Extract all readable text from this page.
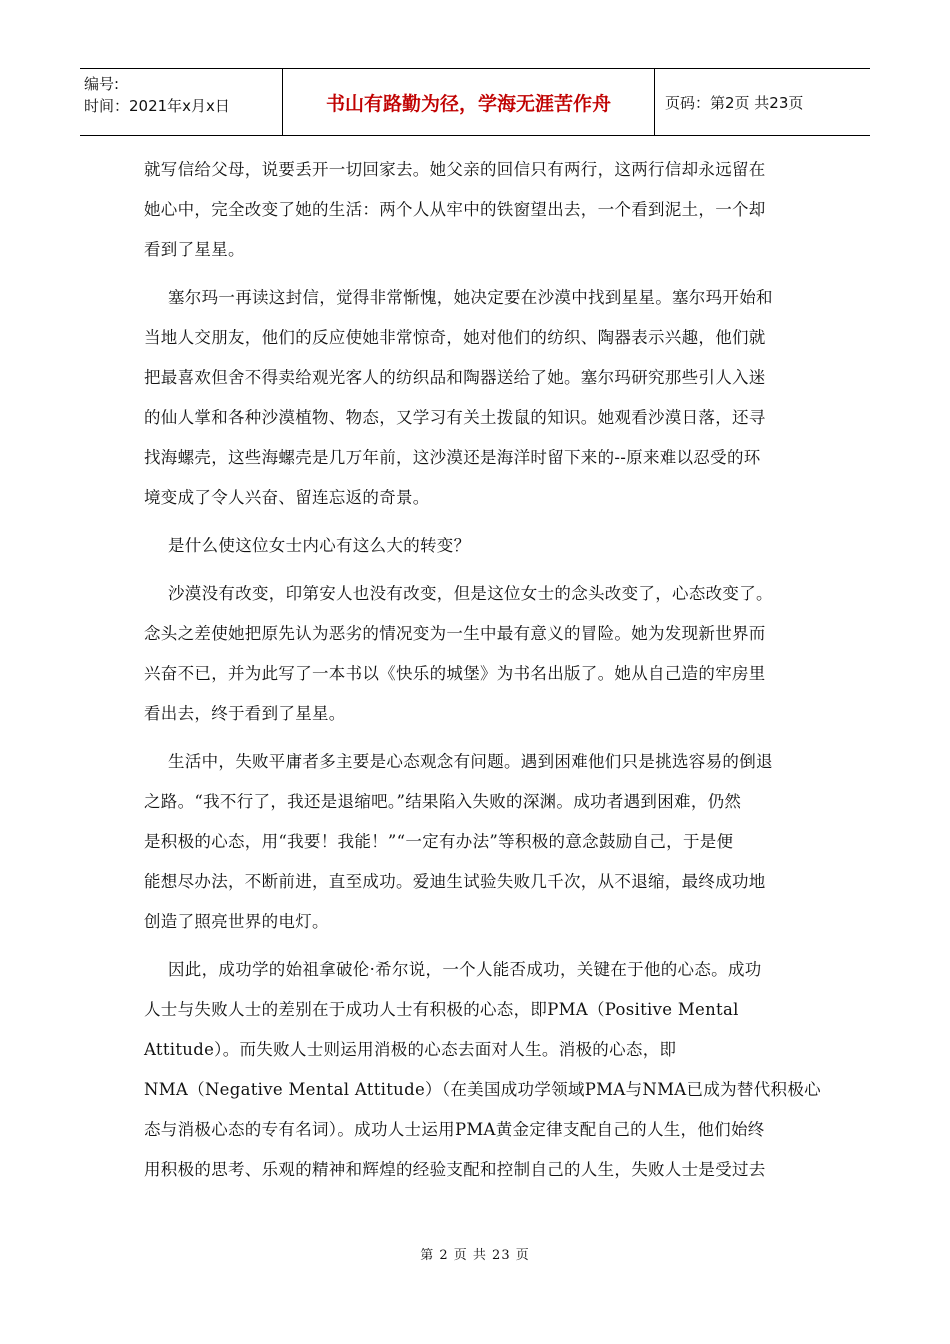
编号:
时间：2021年x月x日	书山有路勤为径，学海无涯苦作舟	页码：第2页 共23页
就写信给父母，说要丢开一切回家去。她父亲的回信只有两行，这两行信却永远留在
她心中，完全改变了她的生活：两个人从牢中的铁窗望出去，一个看到泥土，一个却
看到了星星。
塞尔玛一再读这封信，觉得非常惭愧，她决定要在沙漠中找到星星。塞尔玛开始和
当地人交朋友，他们的反应使她非常惊奇，她对他们的纺织、陶器表示兴趣，他们就
把最喜欢但舍不得卖给观光客人的纺织品和陶器送给了她。塞尔玛研究那些引人入迷
的仙人掌和各种沙漠植物、物态，又学习有关土拨鼠的知识。她观看沙漠日落，还寻
找海螺壳，这些海螺壳是几万年前，这沙漠还是海洋时留下来的--原来难以忍受的环
境变成了令人兴奋、留连忘返的奇景。
是什么使这位女士内心有这么大的转变？
沙漠没有改变，印第安人也没有改变，但是这位女士的念头改变了，心态改变了。
念头之差使她把原先认为恶劣的情况变为一生中最有意义的冒险。她为发现新世界而
兴奋不已，并为此写了一本书以《快乐的城堡》为书名出版了。她从自己造的牢房里
看出去，终于看到了星星。
生活中，失败平庸者多主要是心态观念有问题。遇到困难他们只是挑选容易的倒退
之路。“我不行了，我还是退缩吧。”结果陷入失败的深渊。成功者遇到困难，仍然
是积极的心态，用“我要！我能！”“一定有办法”等积极的意念鼓励自己，于是便
能想尽办法，不断前进，直至成功。爱迪生试验失败几千次，从不退缩，最终成功地
创造了照亮世界的电灯。
因此，成功学的始祖拿破伦·希尔说，一个人能否成功，关键在于他的心态。成功
人士与失败人士的差别在于成功人士有积极的心态，即PMA（Positive Mental
Attitude）。而失败人士则运用消极的心态去面对人生。消极的心态，即
NMA（Negative Mental Attitude）（在美国成功学领域PMA与NMA已成为替代积极心
态与消极心态的专有名词）。成功人士运用PMA黄金定律支配自己的人生，他们始终
用积极的思考、乐观的精神和辉煌的经验支配和控制自己的人生，失败人士是受过去
第 2 页 共 23 页
